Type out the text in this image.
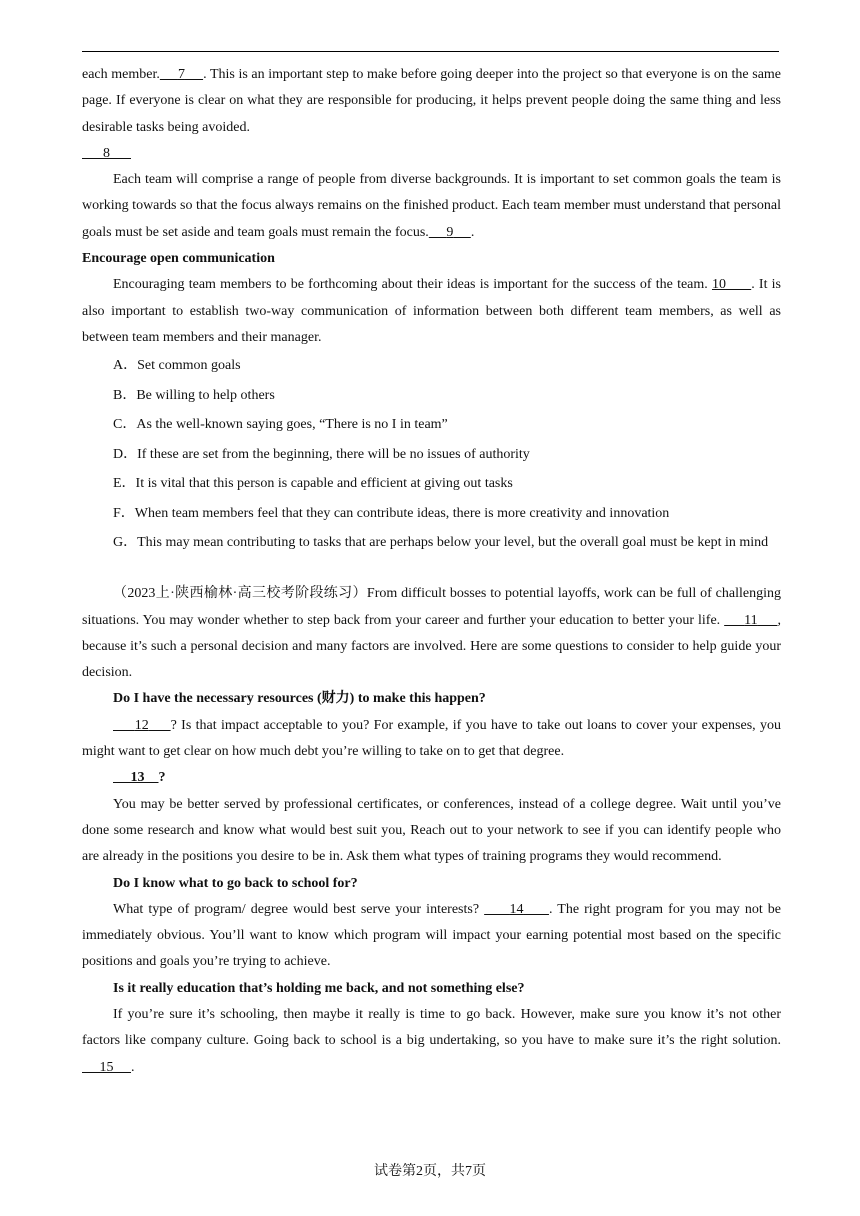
each member. 7 . This is an important step to make before going deeper into the project so that everyone is on the same page. If everyone is clear on what they are responsible for producing, it helps prevent people doing the same thing and less desirable tasks being avoided.

8

Each team will comprise a range of people from diverse backgrounds. It is important to set common goals the team is working towards so that the focus always remains on the finished product. Each team member must understand that personal goals must be set aside and team goals must remain the focus. 9 .

Encourage open communication

Encouraging team members to be forthcoming about their ideas is important for the success of the team. 10 . It is also important to establish two-way communication of information between both different team members, as well as between team members and their manager.

A．Set common goals

B．Be willing to help others

C．As the well-known saying goes, “There is no I in team”

D．If these are set from the beginning, there will be no issues of authority

E．It is vital that this person is capable and efficient at giving out tasks

F．When team members feel that they can contribute ideas, there is more creativity and innovation

G．This may mean contributing to tasks that are perhaps below your level, but the overall goal must be kept in mind

（2023上·陕西榆林·高三校考阶段练习）From difficult bosses to potential layoffs, work can be full of challenging situations. You may wonder whether to step back from your career and further your education to better your life.      11 , because it’s such a personal decision and many factors are involved. Here are some questions to consider to help guide your decision.

Do I have the necessary resources (财力) to make this happen?

12 ? Is that impact acceptable to you? For example, if you have to take out loans to cover your expenses, you might want to get clear on how much debt you’re willing to take on to get that degree.

13 ?

You may be better served by professional certificates, or conferences, instead of a college degree. Wait until you’ve done some research and know what would best suit you, Reach out to your network to see if you can identify people who are already in the positions you desire to be in. Ask them what types of training programs they would recommend.

Do I know what to go back to school for?

What type of program/ degree would best serve your interests?      14 . The right program for you may not be immediately obvious. You’ll want to know which program will impact your earning potential most based on the specific positions and goals you’re trying to achieve.

Is it really education that’s holding me back, and not something else?

If you’re sure it’s schooling, then maybe it really is time to go back. However, make sure you know it’s not other factors like company culture. Going back to school is a big undertaking, so you have to make sure it’s the right solution.      15 .

试卷第2页，共7页
